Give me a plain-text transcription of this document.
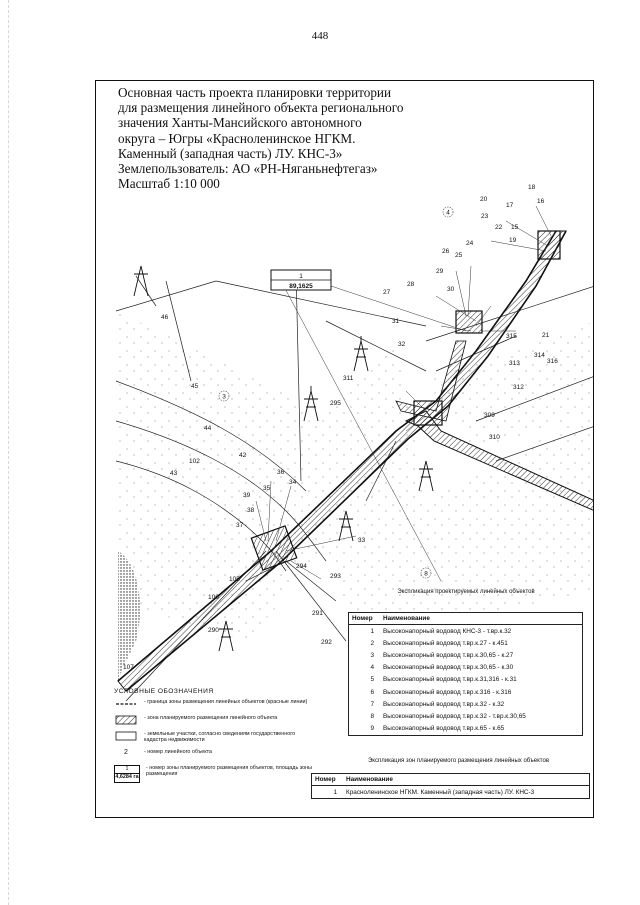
448
1
89,1625
4
8
3
18
20
17
16
23
22 15
19
24
26
25
29
28
30
27
31
315	21
32
314
316
313
311
312
295
309
310
46
45
44
102
42
43	36
34
35
39
38
37
33
294
293
105
106
290
291
292
107
Основная часть проекта планировки территории
для размещения линейного объекта регионального
значения Ханты-Мансийского автономного
округа – Югры «Красноленинское НГКМ.
Каменный (западная часть) ЛУ. КНС-3»
Землепользователь: АО «РН-Няганьнефтегаз»
Масштаб 1:10 000
Экспликация проектируемых линейных объектов
Номер	Наименование
1	Высоконапорный водовод КНС-3 - т.вр.к.32
2	Высоконапорный водовод т.вр.к.27 - к.451
3	Высоконапорный водовод т.вр.к.30,65 - к.27
4	Высоконапорный водовод т.вр.к.30,65 - к.30
5	Высоконапорный водовод т.вр.к.31,316 - к.31
6	Высоконапорный водовод т.вр.к.316 - к.316
7	Высоконапорный водовод т.вр.к.32 - к.32
8	Высоконапорный водовод т.вр.к.32 - т.вр.к.30,65
9	Высоконапорный водовод т.вр.к.65 - к.65
Экспликация зон планируемого размещения линейных объектов
Номер	Наименование
1	Красноленинское НГКМ. Каменный (западная часть) ЛУ. КНС-3
УСЛОВНЫЕ ОБОЗНАЧЕНИЯ
- граница зоны размещения линейных объектов (красные линии)
- зона планируемого размещения линейного объекта
- земельные участки, согласно сведениям государственного кадастра недвижимости
2	- номер линейного объекта
1
4,6284 га
- номер зоны планируемого размещения объектов, площадь зоны размещения
